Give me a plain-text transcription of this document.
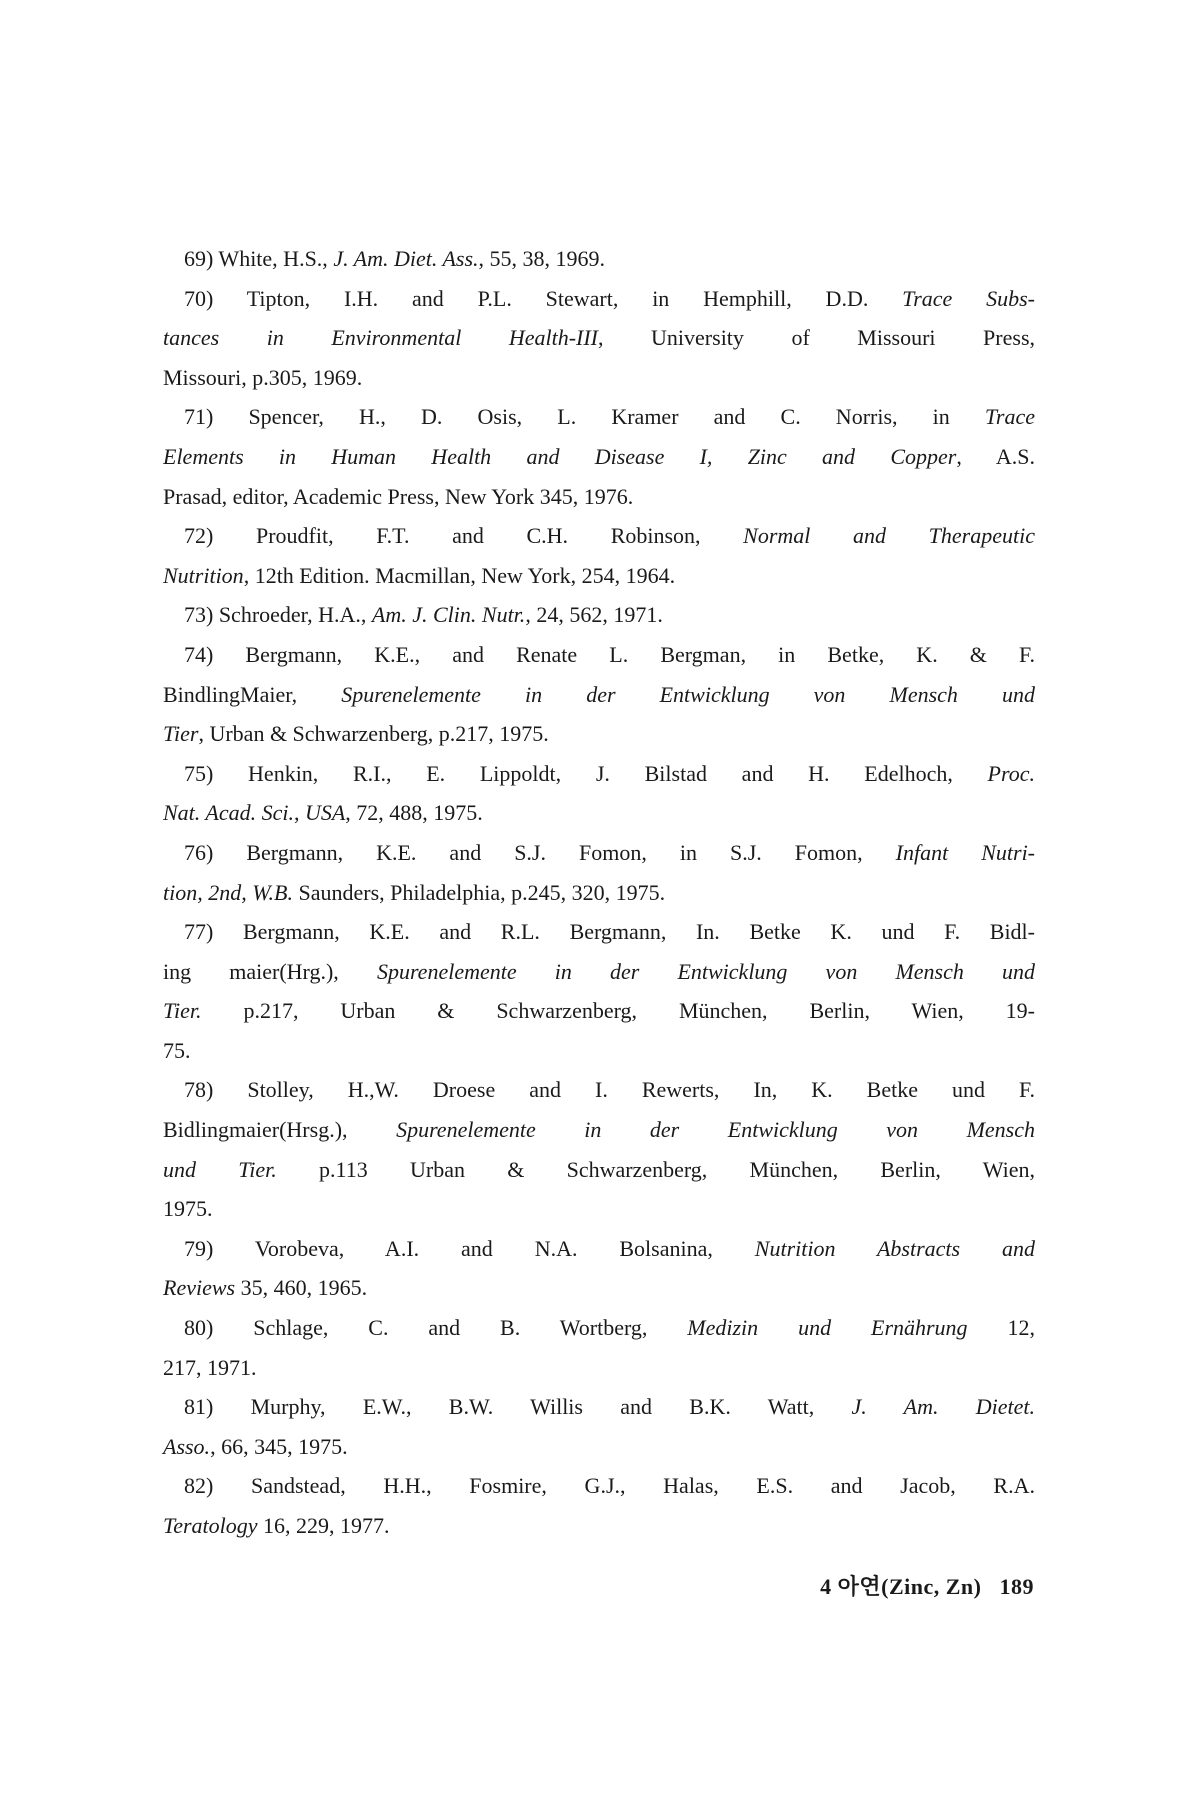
69) White, H.S., J. Am. Diet. Ass., 55, 38, 1969.
70) Tipton, I.H. and P.L. Stewart, in Hemphill, D.D. Trace Subs-
tances in Environmental Health-III, University of Missouri Press,
Missouri, p.305, 1969.
71) Spencer, H., D. Osis, L. Kramer and C. Norris, in Trace
Elements in Human Health and Disease I, Zinc and Copper, A.S.
Prasad, editor, Academic Press, New York 345, 1976.
72) Proudfit, F.T. and C.H. Robinson, Normal and Therapeutic
Nutrition, 12th Edition. Macmillan, New York, 254, 1964.
73) Schroeder, H.A., Am. J. Clin. Nutr., 24, 562, 1971.
74) Bergmann, K.E., and Renate L. Bergman, in Betke, K. & F.
BindlingMaier, Spurenelemente in der Entwicklung von Mensch und
Tier, Urban & Schwarzenberg, p.217, 1975.
75) Henkin, R.I., E. Lippoldt, J. Bilstad and H. Edelhoch, Proc.
Nat. Acad. Sci., USA, 72, 488, 1975.
76) Bergmann, K.E. and S.J. Fomon, in S.J. Fomon, Infant Nutri-
tion, 2nd, W.B. Saunders, Philadelphia, p.245, 320, 1975.
77) Bergmann, K.E. and R.L. Bergmann, In. Betke K. und F. Bidl-
ing maier(Hrg.), Spurenelemente in der Entwicklung von Mensch und
Tier. p.217, Urban & Schwarzenberg, München, Berlin, Wien, 19-
75.
78) Stolley, H.,W. Droese and I. Rewerts, In, K. Betke und F.
Bidlingmaier(Hrsg.), Spurenelemente in der Entwicklung von Mensch
und Tier. p.113 Urban & Schwarzenberg, München, Berlin, Wien,
1975.
79) Vorobeva, A.I. and N.A. Bolsanina, Nutrition Abstracts and
Reviews 35, 460, 1965.
80) Schlage, C. and B. Wortberg, Medizin und Ernährung 12,
217, 1971.
81) Murphy, E.W., B.W. Willis and B.K. Watt, J. Am. Dietet.
Asso., 66, 345, 1975.
82) Sandstead, H.H., Fosmire, G.J., Halas, E.S. and Jacob, R.A.
Teratology 16, 229, 1977.
4 아연(Zinc, Zn) 189
